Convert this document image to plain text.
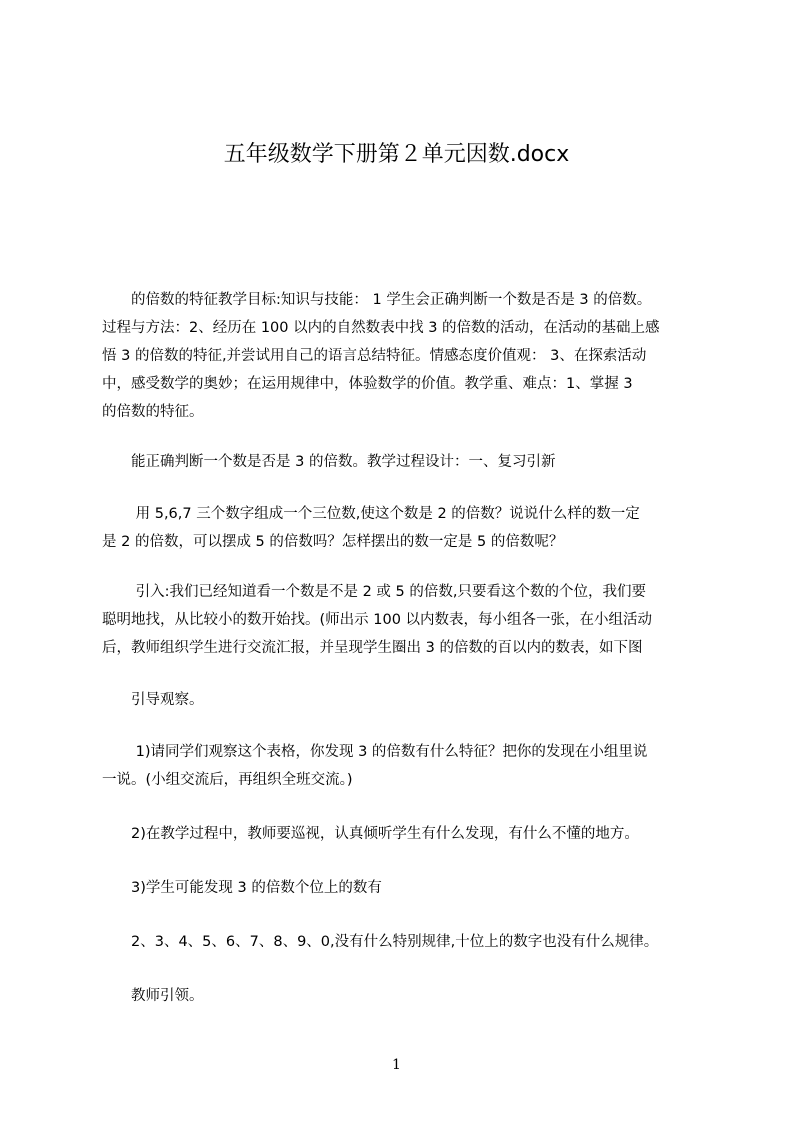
五年级数学下册第２单元因数.docx
　　的倍数的特征教学目标:知识与技能： 1 学生会正确判断一个数是否是 3 的倍数。
过程与方法：2、经历在 100 以内的自然数表中找 3 的倍数的活动，在活动的基础上感
悟 3 的倍数的特征,并尝试用自己的语言总结特征。情感态度价值观： 3、在探索活动
中，感受数学的奥妙；在运用规律中，体验数学的价值。教学重、难点：1、掌握 3
的倍数的特征。
　　能正确判断一个数是否是 3 的倍数。教学过程设计：一、复习引新
　　 用 5,6,7 三个数字组成一个三位数,使这个数是 2 的倍数？说说什么样的数一定
是 2 的倍数，可以摆成 5 的倍数吗？怎样摆出的数一定是 5 的倍数呢？
　　 引入:我们已经知道看一个数是不是 2 或 5 的倍数,只要看这个数的个位，我们要
聪明地找，从比较小的数开始找。(师出示 100 以内数表，每小组各一张，在小组活动
后，教师组织学生进行交流汇报，并呈现学生圈出 3 的倍数的百以内的数表，如下图
　　引导观察。
　　 1)请同学们观察这个表格，你发现 3 的倍数有什么特征？把你的发现在小组里说
一说。(小组交流后，再组织全班交流。)
　　2)在教学过程中，教师要巡视，认真倾听学生有什么发现，有什么不懂的地方。
　　3)学生可能发现 3 的倍数个位上的数有
　　2、3、4、5、6、7、8、9、0,没有什么特别规律,十位上的数字也没有什么规律。
　　教师引领。
1
